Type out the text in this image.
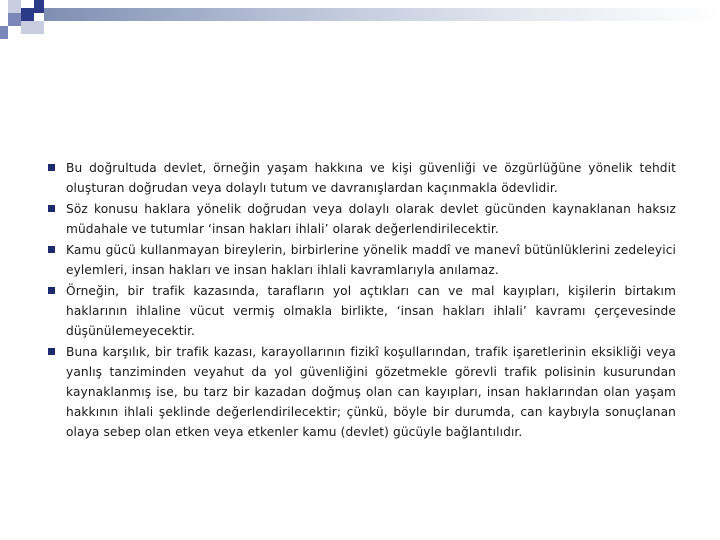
Bu doğrultuda devlet, örneğin yaşam hakkına ve kişi güvenliği ve özgürlüğüne yönelik tehdit oluşturan doğrudan veya dolaylı tutum ve davranışlardan kaçınmakla ödevlidir.
Söz konusu haklara yönelik doğrudan veya dolaylı olarak devlet gücünden kaynaklanan haksız müdahale ve tutumlar ‘insan hakları ihlali’ olarak değerlendirilecektir.
Kamu gücü kullanmayan bireylerin, birbirlerine yönelik maddî ve manevî bütünlüklerini zedeleyici eylemleri, insan hakları ve insan hakları ihlali kavramlarıyla anılamaz.
Örneğin, bir trafik kazasında, tarafların yol açtıkları can ve mal kayıpları, kişilerin birtakım haklarının ihlaline vücut vermiş olmakla birlikte, ‘insan hakları ihlali’ kavramı çerçevesinde düşünülemeyecektir.
Buna karşılık, bir trafik kazası, karayollarının fizikî koşullarından, trafik işaretlerinin eksikliği veya yanlış tanziminden veyahut da yol güvenliğini gözetmekle görevli trafik polisinin kusurundan kaynaklanmış ise, bu tarz bir kazadan doğmuş olan can kayıpları, insan haklarından olan yaşam hakkının ihlali şeklinde değerlendirilecektir; çünkü, böyle bir durumda, can kaybıyla sonuçlanan olaya sebep olan etken veya etkenler kamu (devlet) gücüyle bağlantılıdır.
